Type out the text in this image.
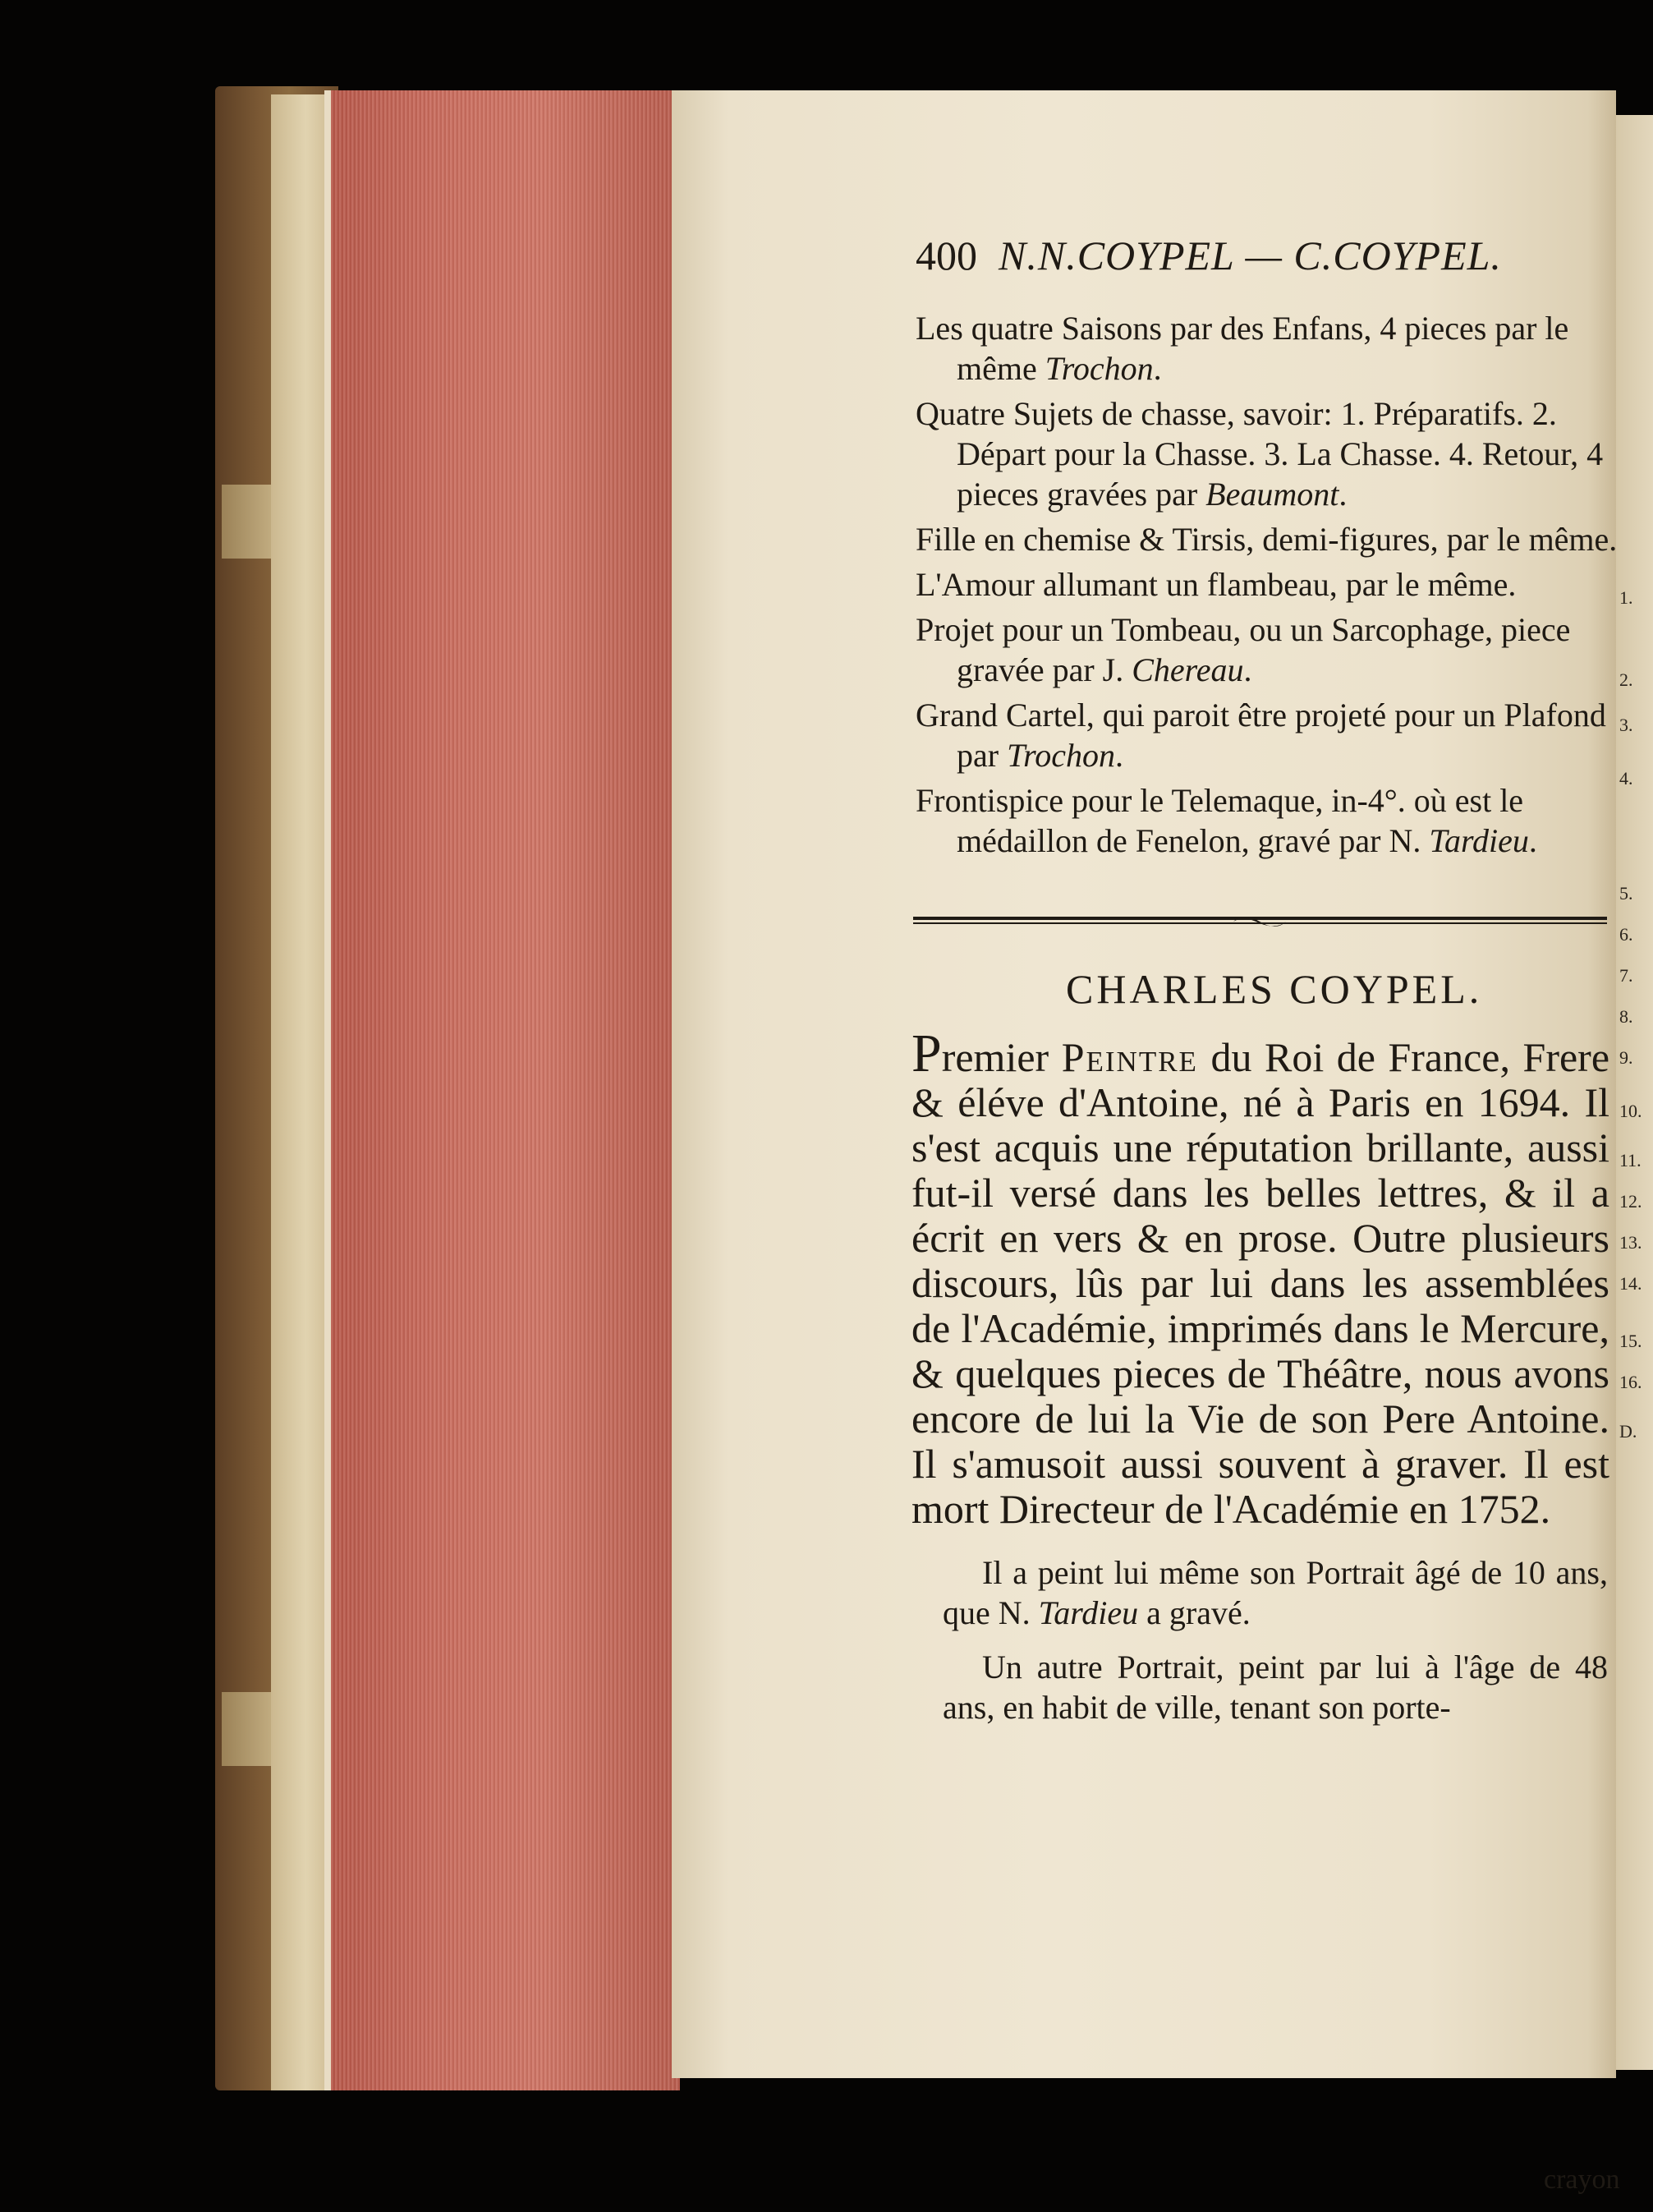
1.
2.
3.
4.
5.
6.
7.
8.
9.
10.
11.
12.
13.
14.
15.
16.
D.
400 N.N.COYPEL — C.COYPEL.

Les quatre Saisons par des Enfans, 4 pieces par le même Trochon.

Quatre Sujets de chasse, savoir: 1. Préparatifs. 2. Départ pour la Chasse. 3. La Chasse. 4. Retour, 4 pieces gravées par Beaumont.

Fille en chemise & Tirsis, demi-figures, par le même.

L'Amour allumant un flambeau, par le même.

Projet pour un Tombeau, ou un Sarcophage, piece gravée par J. Chereau.

Grand Cartel, qui paroit être projeté pour un Plafond par Trochon.

Frontispice pour le Telemaque, in-4°. où est le médaillon de Fenelon, gravé par N. Tardieu.

CHARLES COYPEL.
Premier Peintre du Roi de France, Frere & éléve d'Antoine, né à Paris en 1694. Il s'est acquis une réputation brillante, aussi fut-il versé dans les belles lettres, & il a écrit en vers & en prose. Outre plusieurs discours, lûs par lui dans les assemblées de l'Académie, imprimés dans le Mercure, & quelques pieces de Théâtre, nous avons encore de lui la Vie de son Pere Antoine. Il s'amusoit aussi souvent à graver. Il est mort Directeur de l'Académie en 1752.
Il a peint lui même son Portrait âgé de 10 ans, que N. Tardieu a gravé.
Un autre Portrait, peint par lui à l'âge de 48 ans, en habit de ville, tenant son porte-
crayon
